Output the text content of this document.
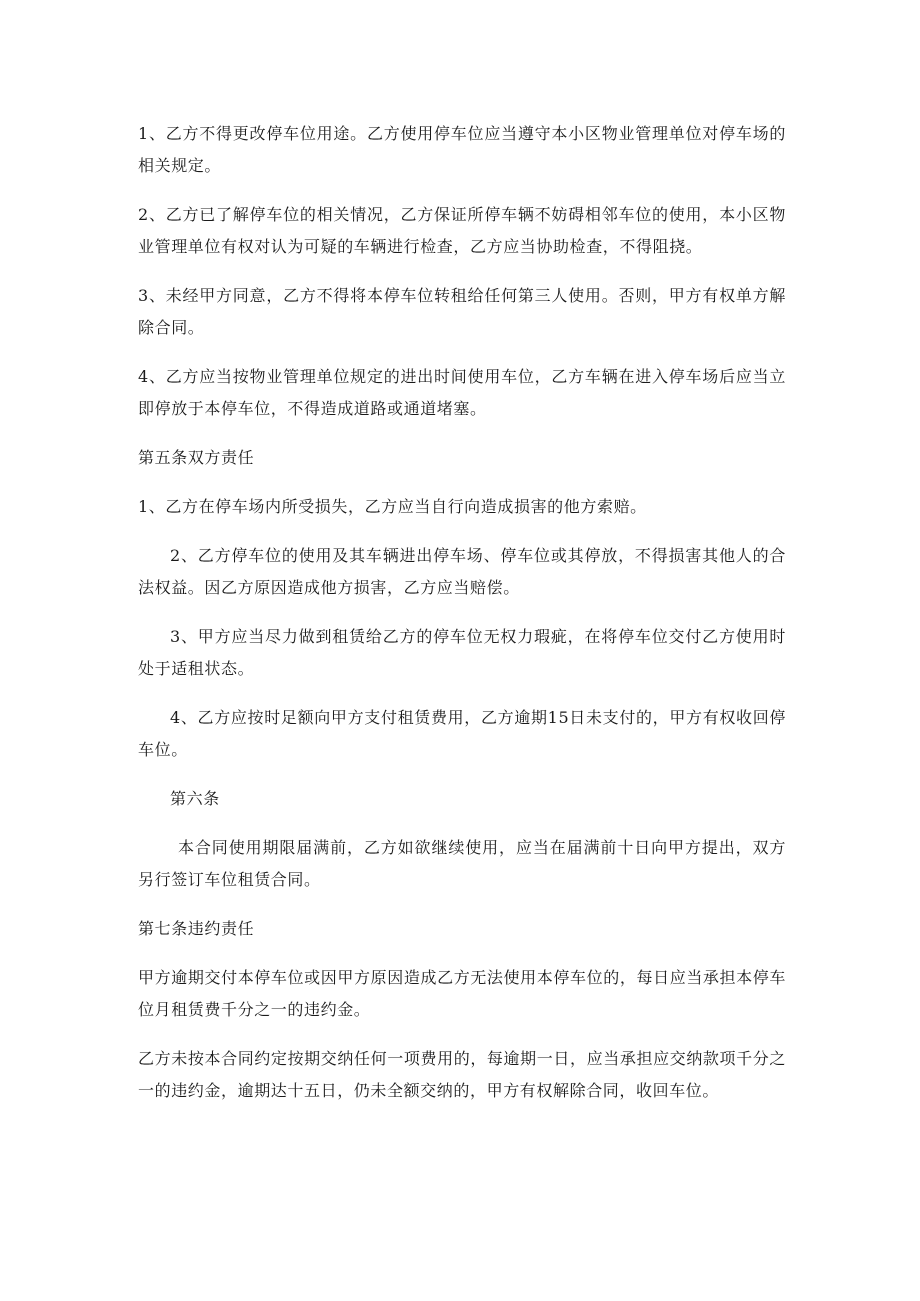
1、乙方不得更改停车位用途。乙方使用停车位应当遵守本小区物业管理单位对停车场的相关规定。

2、乙方已了解停车位的相关情况，乙方保证所停车辆不妨碍相邻车位的使用，本小区物业管理单位有权对认为可疑的车辆进行检查，乙方应当协助检查，不得阻挠。

3、未经甲方同意，乙方不得将本停车位转租给任何第三人使用。否则，甲方有权单方解除合同。

4、乙方应当按物业管理单位规定的进出时间使用车位，乙方车辆在进入停车场后应当立即停放于本停车位，不得造成道路或通道堵塞。

第五条双方责任

1、乙方在停车场内所受损失，乙方应当自行向造成损害的他方索赔。

2、乙方停车位的使用及其车辆进出停车场、停车位或其停放，不得损害其他人的合法权益。因乙方原因造成他方损害，乙方应当赔偿。

3、甲方应当尽力做到租赁给乙方的停车位无权力瑕疵，在将停车位交付乙方使用时处于适租状态。

4、乙方应按时足额向甲方支付租赁费用，乙方逾期15日未支付的，甲方有权收回停车位。

第六条

本合同使用期限届满前，乙方如欲继续使用，应当在届满前十日向甲方提出，双方另行签订车位租赁合同。

第七条违约责任

甲方逾期交付本停车位或因甲方原因造成乙方无法使用本停车位的，每日应当承担本停车位月租赁费千分之一的违约金。

乙方未按本合同约定按期交纳任何一项费用的，每逾期一日，应当承担应交纳款项千分之一的违约金，逾期达十五日，仍未全额交纳的，甲方有权解除合同，收回车位。
